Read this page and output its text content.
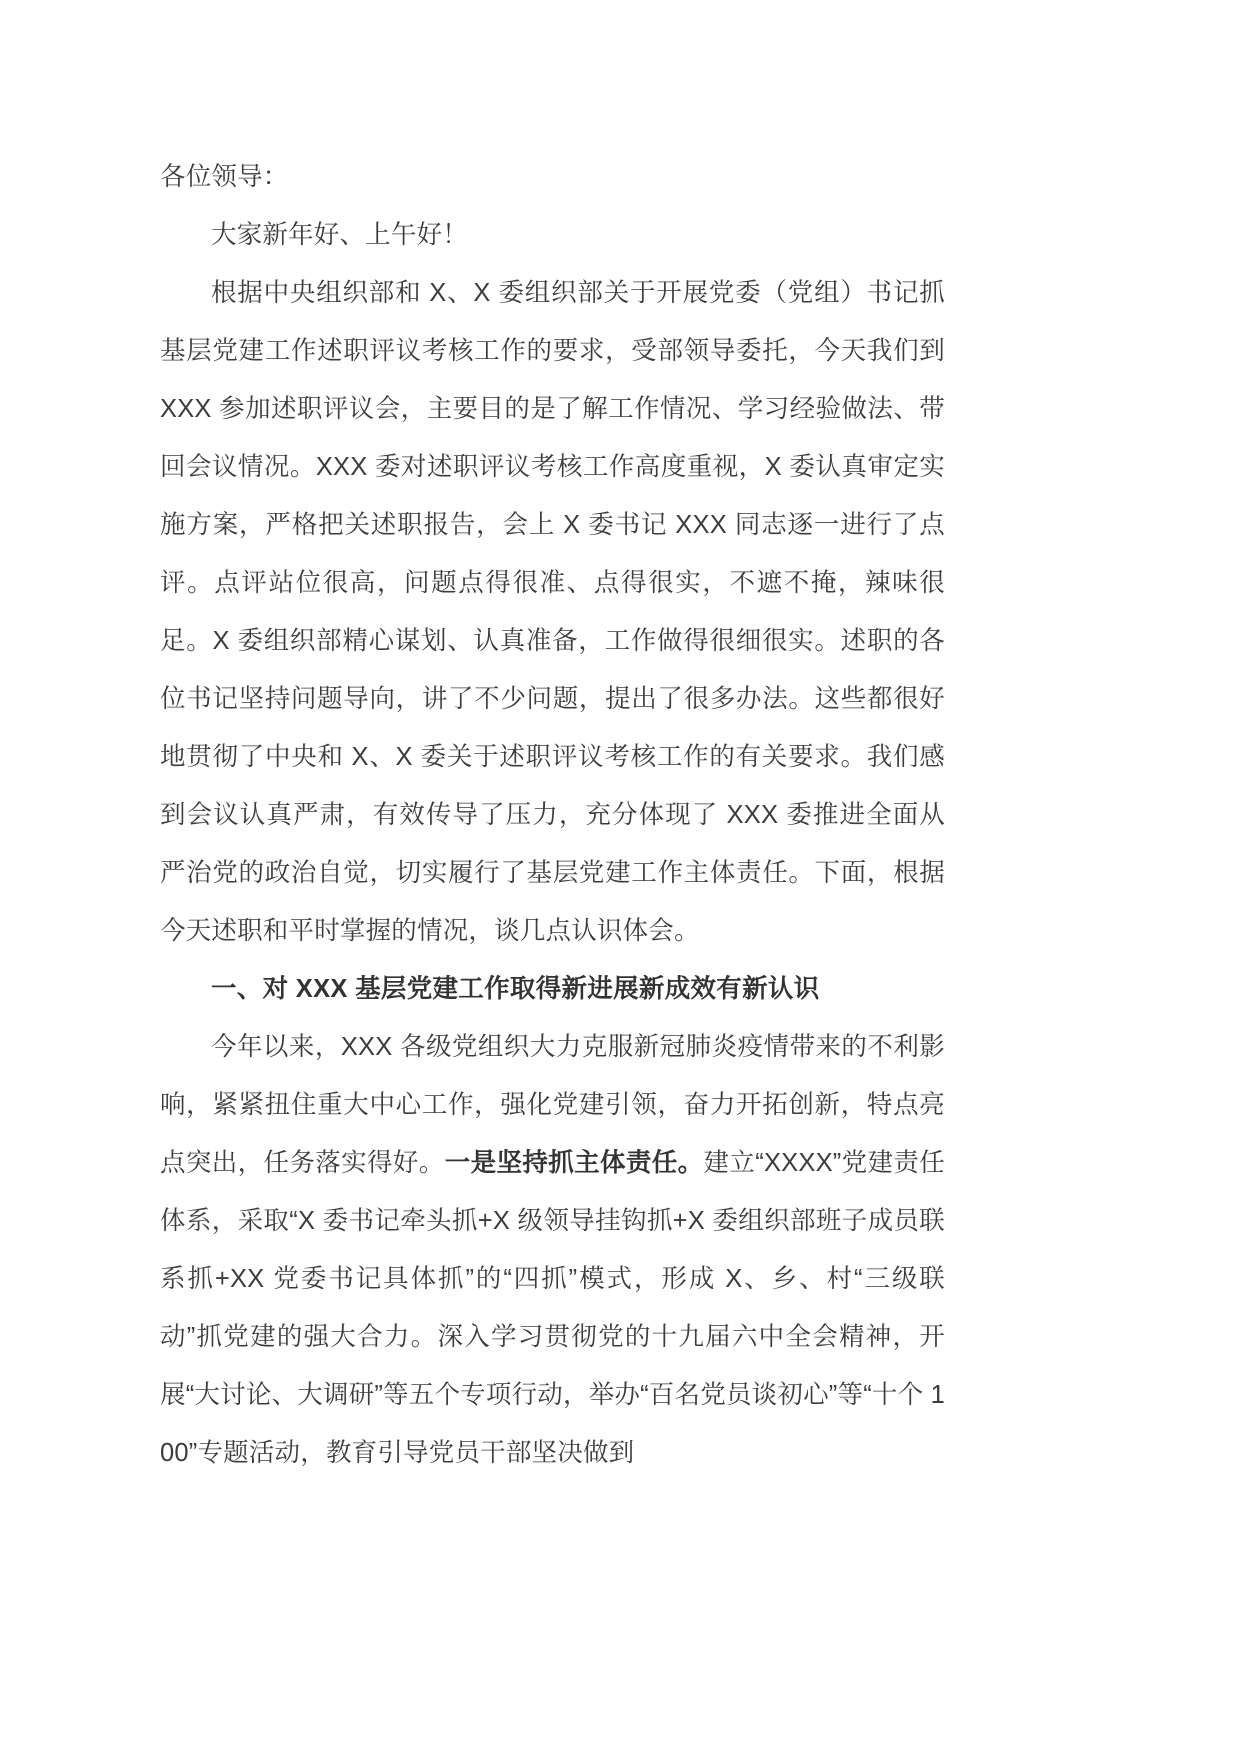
各位领导：

大家新年好、上午好！

根据中央组织部和 X、X 委组织部关于开展党委（党组）书记抓基层党建工作述职评议考核工作的要求，受部领导委托，今天我们到 XXX 参加述职评议会，主要目的是了解工作情况、学习经验做法、带回会议情况。XXX 委对述职评议考核工作高度重视，X 委认真审定实施方案，严格把关述职报告，会上 X 委书记 XXX 同志逐一进行了点评。点评站位很高，问题点得很准、点得很实，不遮不掩，辣味很足。X 委组织部精心谋划、认真准备，工作做得很细很实。述职的各位书记坚持问题导向，讲了不少问题，提出了很多办法。这些都很好地贯彻了中央和 X、X 委关于述职评议考核工作的有关要求。我们感到会议认真严肃，有效传导了压力，充分体现了 XXX 委推进全面从严治党的政治自觉，切实履行了基层党建工作主体责任。下面，根据今天述职和平时掌握的情况，谈几点认识体会。

一、对 XXX 基层党建工作取得新进展新成效有新认识

今年以来，XXX 各级党组织大力克服新冠肺炎疫情带来的不利影响，紧紧扭住重大中心工作，强化党建引领，奋力开拓创新，特点亮点突出，任务落实得好。一是坚持抓主体责任。建立“XXXX”党建责任体系，采取“X 委书记牵头抓+X 级领导挂钩抓+X 委组织部班子成员联系抓+XX 党委书记具体抓”的“四抓”模式，形成 X、乡、村“三级联动”抓党建的强大合力。深入学习贯彻党的十九届六中全会精神，开展“大讨论、大调研”等五个专项行动，举办“百名党员谈初心”等“十个 100”专题活动，教育引导党员干部坚决做到
